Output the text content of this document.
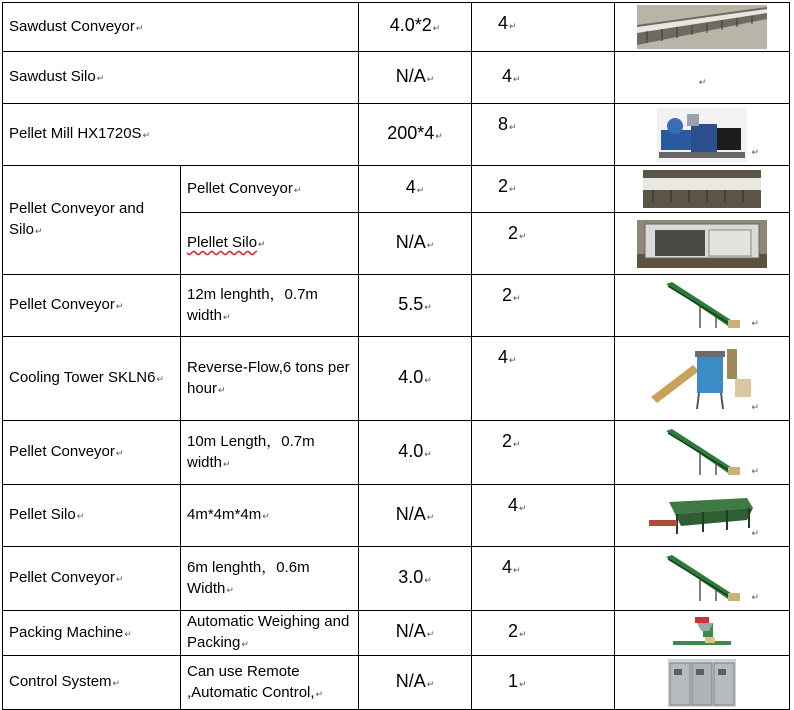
Sawdust Conveyor↵		4.0*2↵	4↵	

Sawdust Silo↵		N/A↵	4↵	↵
Pellet Mill HX1720S↵		200*4↵	8↵	↵

Pellet Conveyor and Silo↵	Pellet Conveyor↵	4↵	2↵	

	Plellet Silo↵	N/A↵	2↵	↵

Pellet Conveyor↵	12m lenghth，0.7m width↵	5.5↵	2↵	↵

Cooling Tower SKLN6↵	Reverse-Flow,6 tons per hour↵	4.0↵	4↵	↵

Pellet Conveyor↵	10m Length，0.7m width↵	4.0↵	2↵	↵

Pellet Silo↵	4m*4m*4m↵	N/A↵	4↵	↵

Pellet Conveyor↵	6m lenghth，0.6m Width↵	3.0↵	4↵	↵

Packing Machine↵	Automatic Weighing and Packing↵	N/A↵	2↵	

Control System↵	Can use Remote ,Automatic Control,↵	N/A↵	1↵	
